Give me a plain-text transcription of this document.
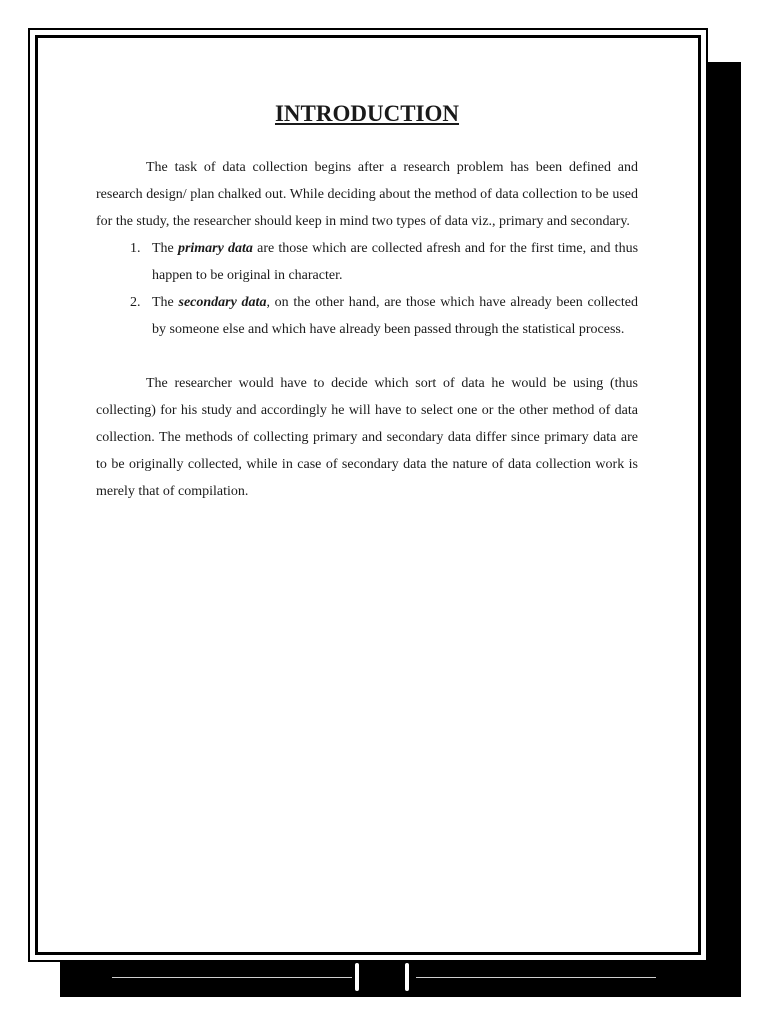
INTRODUCTION

The task of data collection begins after a research problem has been defined and research design/ plan chalked out. While deciding about the method of data collection to be used for the study, the researcher should keep in mind two types of data viz., primary and secondary.

1. The primary data are those which are collected afresh and for the first time, and thus happen to be original in character.
2. The secondary data, on the other hand, are those which have already been collected by someone else and which have already been passed through the statistical process.

The researcher would have to decide which sort of data he would be using (thus collecting) for his study and accordingly he will have to select one or the other method of data collection. The methods of collecting primary and secondary data differ since primary data are to be originally collected, while in case of secondary data the nature of data collection work is merely that of compilation.
